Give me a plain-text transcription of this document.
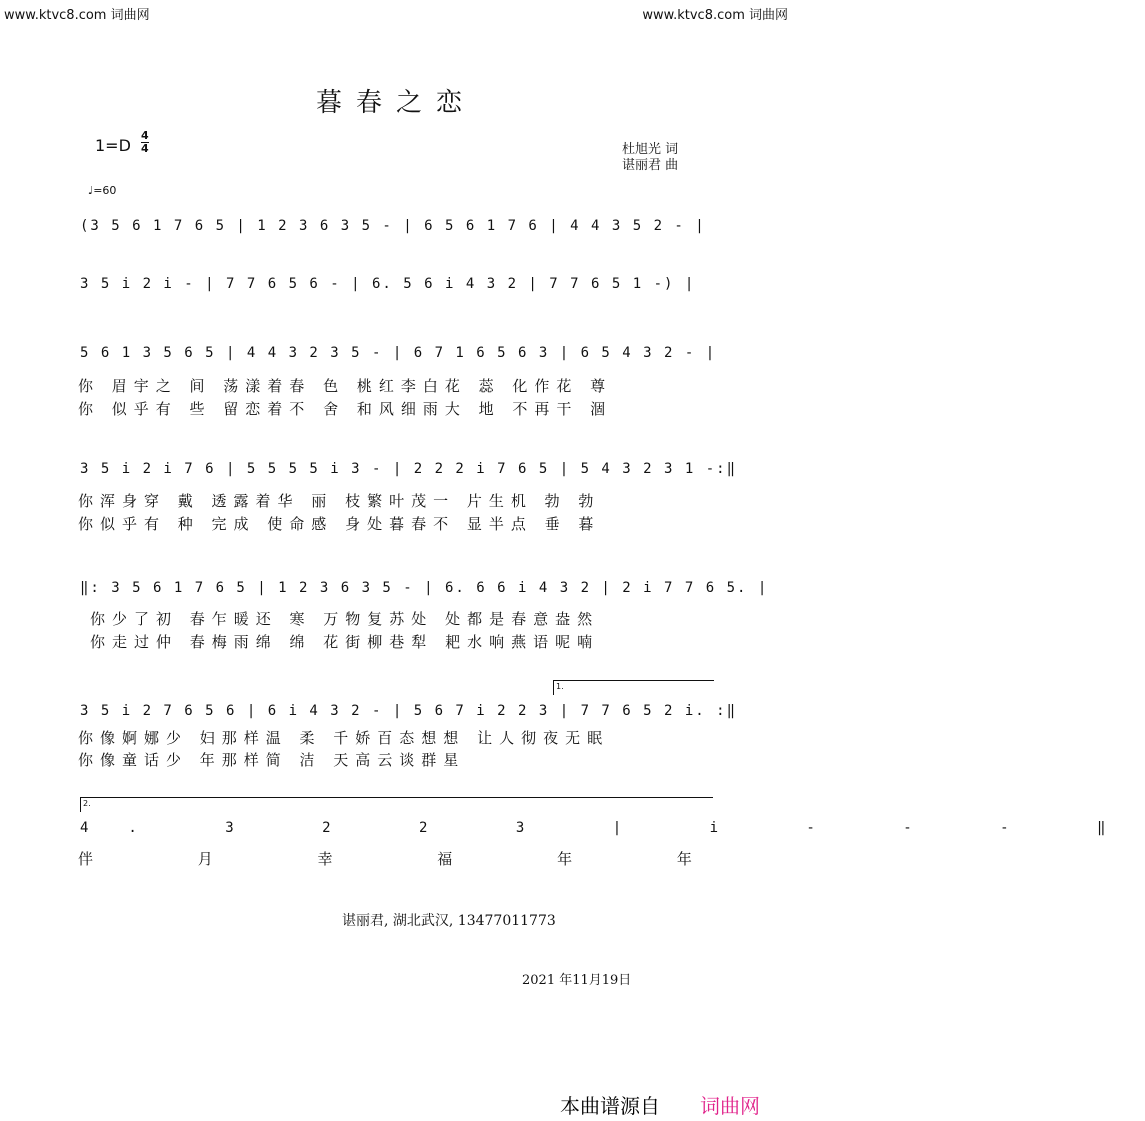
www.ktvc8.com 词曲网	www.ktvc8.com 词曲网
暮春之恋
$1=D \frac{4}{4}$	杜旭光 词
谌丽君 曲
♩=60
(3 5 6 1 7 6 5 | 1 2 3 6 3 5 - | 6 5 6 1 7 6 | 4 4 3 5 2 - |
3 5 i 2 i - | 7 7 6 5 6 - | 6. 5 6 i 4 3 2 | 7 7 6 5 1 -) |
5 6 1 3 5 6 5 | 4 4 3 2 3 5 - | 6 7 1 6 5 6 3 | 6 5 4 3 2 - |
你 眉宇之 间 荡漾着春 色 桃红李白花 蕊 化作花 尊
你 似乎有 些 留恋着不 舍 和风细雨大 地 不再干 涸
3 5 i 2 i 7 6 | 5 5 5 5 i 3 - | 2 2 2 i 7 6 5 | 5 4 3 2 3 1 -:‖
你浑身穿 戴 透露着华 丽 枝繁叶茂一 片生机 勃 勃
你似乎有 种 完成 使命感 身处暮春不 显半点 垂 暮
‖: 3 5 6 1 7 6 5 | 1 2 3 6 3 5 - | 6. 6 6 i 4 3 2 | 2 i 7 7 6 5. |
你少了初 春乍暖还 寒 万物复苏处 处都是春意盎然
你走过仲 春梅雨绵 绵 花街柳巷犁 耙水响燕语呢喃
1.
3 5 i 2 7 6 5 6 | 6 i 4 3 2 - | 5 6 7 i 2 2 3 | 7 7 6 5 2 i. :‖
你像婀娜少 妇那样温 柔 千娇百态想想 让人彻夜无眠
你像童话少 年那样简 洁 天高云谈群星
2.
4. 3 2 2 3 | i - - - ‖
伴 月 幸 福 年 年
谌丽君, 湖北武汉, 13477011773
2021 年11月19日
本曲谱源自 词曲网
